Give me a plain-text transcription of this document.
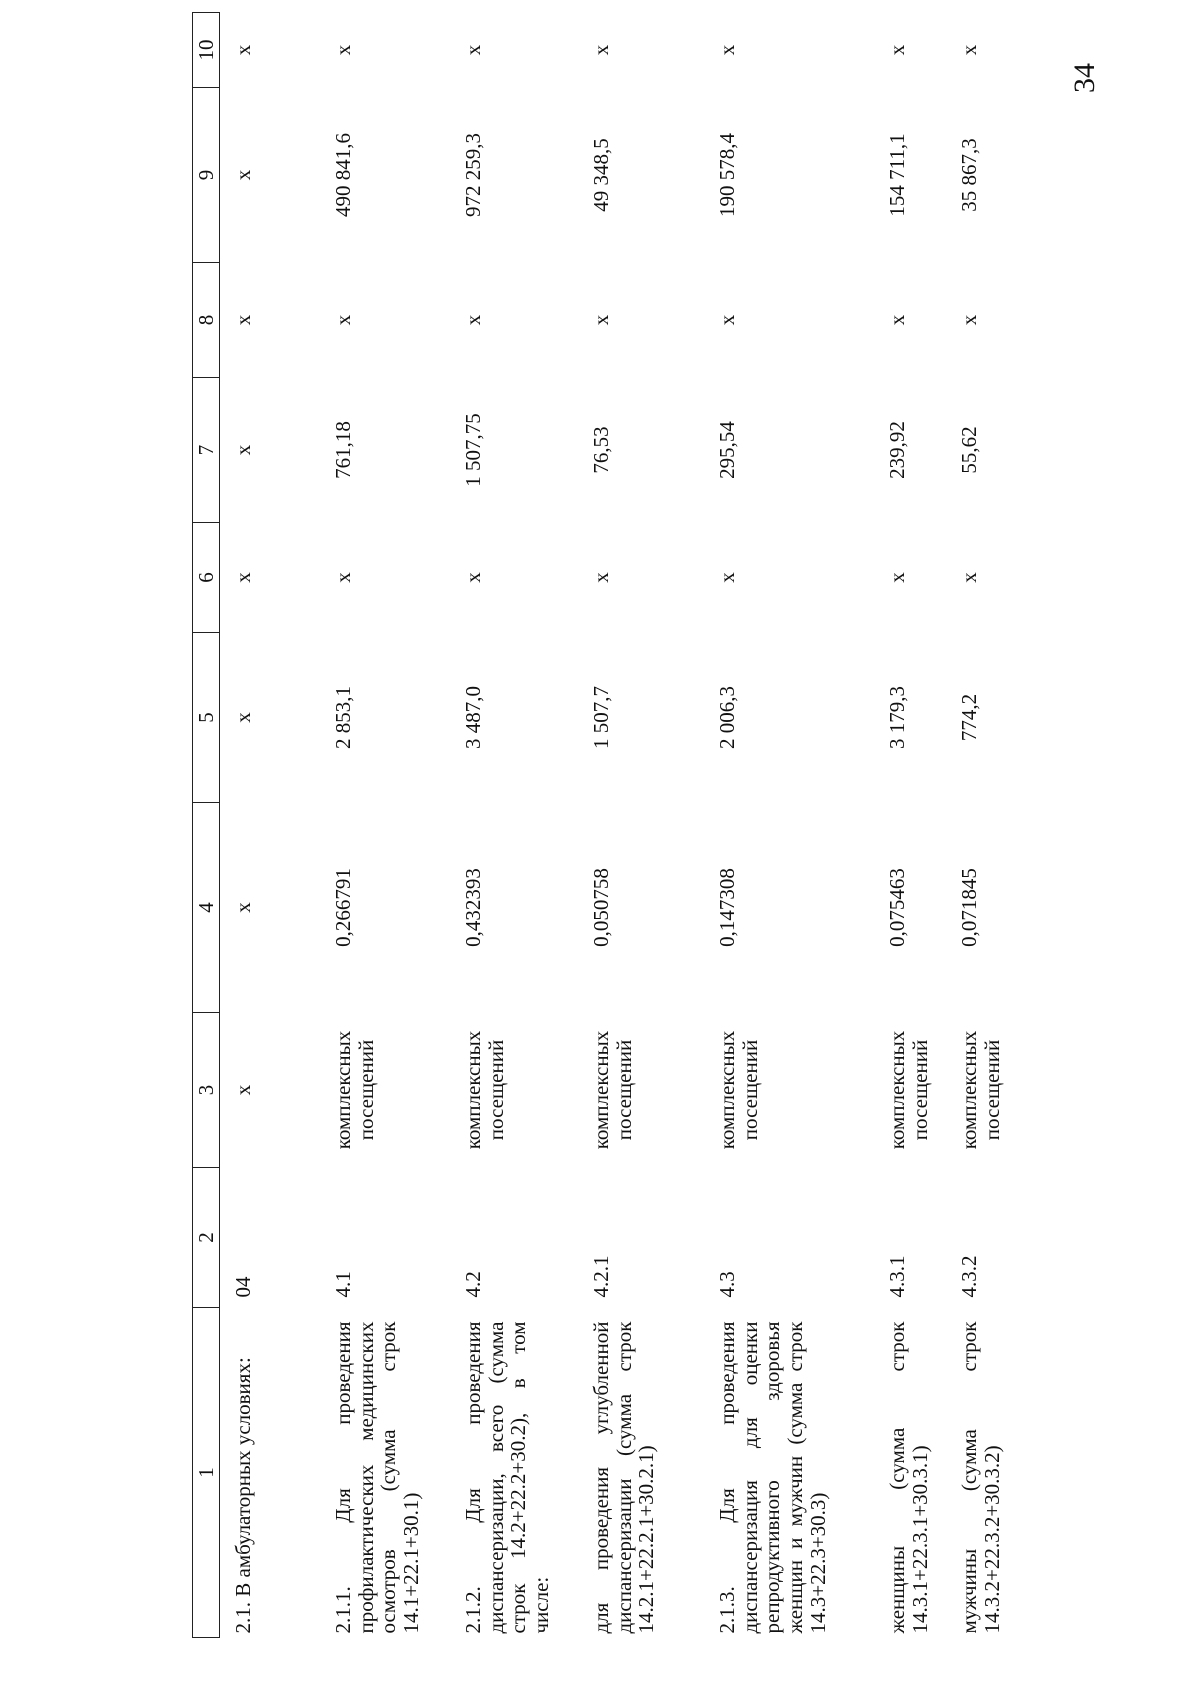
34
1	2	3	4	5	6	7	8	9	10
2.1. В амбулаторных условиях:	04	х	х	х	х	х	х	х	х
2.1.1. Для проведения профилактических медицинских осмотров (сумма строк 14.1+22.1+30.1)	4.1	комплексных посещений	0,266791	2 853,1	х	761,18	х	490 841,6	х
2.1.2. Для проведения диспансеризации, всего (сумма строк 14.2+22.2+30.2), в том числе:	4.2	комплексных посещений	0,432393	3 487,0	х	1 507,75	х	972 259,3	х
для проведения углубленной диспансеризации (сумма строк 14.2.1+22.2.1+30.2.1)	4.2.1	комплексных посещений	0,050758	1 507,7	х	76,53	х	49 348,5	х
2.1.3. Для проведения диспансеризация для оценки репродуктивного здоровья женщин и мужчин (сумма строк 14.3+22.3+30.3)	4.3	комплексных посещений	0,147308	2 006,3	х	295,54	х	190 578,4	х
женщины (сумма строк 14.3.1+22.3.1+30.3.1)	4.3.1	комплексных посещений	0,075463	3 179,3	х	239,92	х	154 711,1	х
мужчины (сумма строк 14.3.2+22.3.2+30.3.2)	4.3.2	комплексных посещений	0,071845	774,2	х	55,62	х	35 867,3	х
